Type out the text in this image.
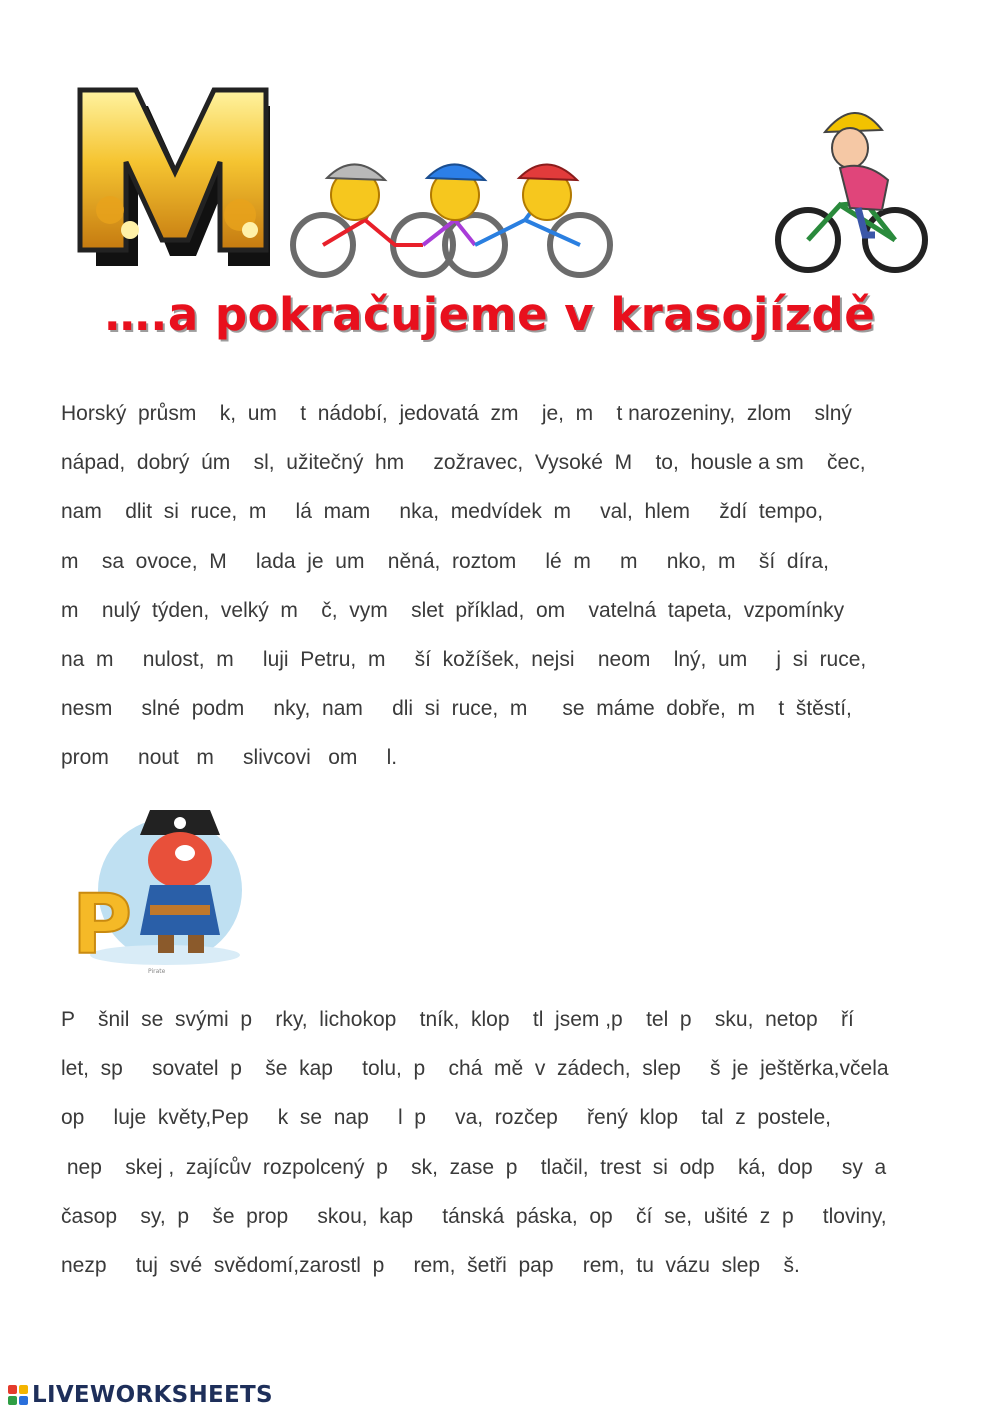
M
….a pokračujeme v krasojízdě
Horský  průsm    k,  um    t  nádobí,  jedovatá  zm    je,  m    t narozeniny,  zlom    slný
nápad,  dobrý  úm    sl,  užitečný  hm     zožravec,  Vysoké  M    to,  housle a sm    čec,
nam    dlit  si  ruce,  m     lá  mam     nka,  medvídek  m     val,  hlem     ždí  tempo,
m    sa  ovoce,  M     lada  je  um    něná,  roztom     lé  m     m     nko,  m    ší  díra,
m    nulý  týden,  velký  m    č,  vym    slet  příklad,  om    vatelná  tapeta,  vzpomínky
na  m     nulost,  m     luji  Petru,  m     ší  kožíšek,  nejsi    neom    lný,  um     j  si  ruce,
nesm     slné  podm     nky,  nam     dli  si  ruce,  m      se  máme  dobře,  m    t  štěstí,
prom     nout   m     slivcovi   om     l.
P	Pirate
P    šnil  se  svými  p    rky,  lichokop    tník,  klop    tl  jsem ,p    tel  p    sku,  netop    ří
let,  sp     sovatel  p    še  kap     tolu,  p    chá  mě  v  zádech,  slep     š  je  ještěrka,včela
op     luje  květy,Pep     k  se  nap     l  p     va,  rozčep     řený  klop    tal  z  postele,
nep    skej ,  zajícův  rozpolcený  p    sk,  zase  p    tlačil,  trest  si  odp    ká,  dop     sy  a
časop    sy,  p    še  prop     skou,  kap     tánská  páska,  op    čí  se,  ušité  z  p     tloviny,
nezp     tuj  své  svědomí,zarostl  p     rem,  šetři  pap     rem,  tu  vázu  slep    š.
LIVEWORKSHEETS
